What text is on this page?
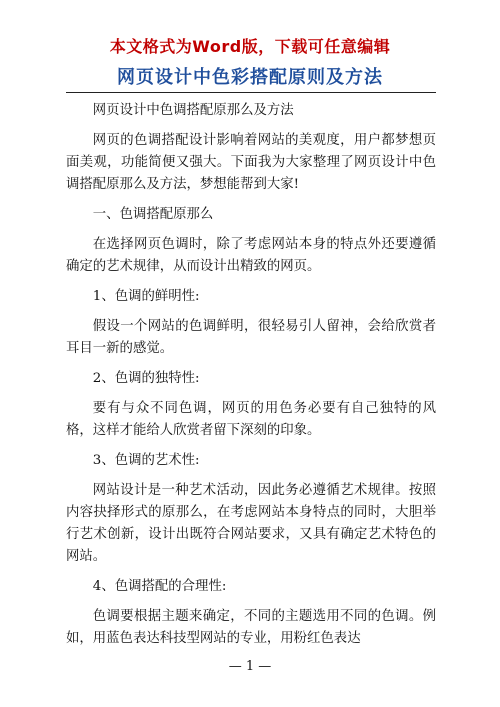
本文格式为Word版，下载可任意编辑
网页设计中色彩搭配原则及方法

网页设计中色调搭配原那么及方法

网页的色调搭配设计影响着网站的美观度，用户都梦想页面美观，功能简便又强大。下面我为大家整理了网页设计中色调搭配原那么及方法，梦想能帮到大家!

一、色调搭配原那么

在选择网页色调时，除了考虑网站本身的特点外还要遵循确定的艺术规律，从而设计出精致的网页。

1、色调的鲜明性:

假设一个网站的色调鲜明，很轻易引人留神，会给欣赏者耳目一新的感觉。

2、色调的独特性:

要有与众不同色调，网页的用色务必要有自己独特的风格，这样才能给人欣赏者留下深刻的印象。

3、色调的艺术性:

网站设计是一种艺术活动，因此务必遵循艺术规律。按照内容抉择形式的原那么，在考虑网站本身特点的同时，大胆举行艺术创新，设计出既符合网站要求，又具有确定艺术特色的网站。

4、色调搭配的合理性:

色调要根据主题来确定，不同的主题选用不同的色调。例如，用蓝色表达科技型网站的专业，用粉红色表达

— 1 —
